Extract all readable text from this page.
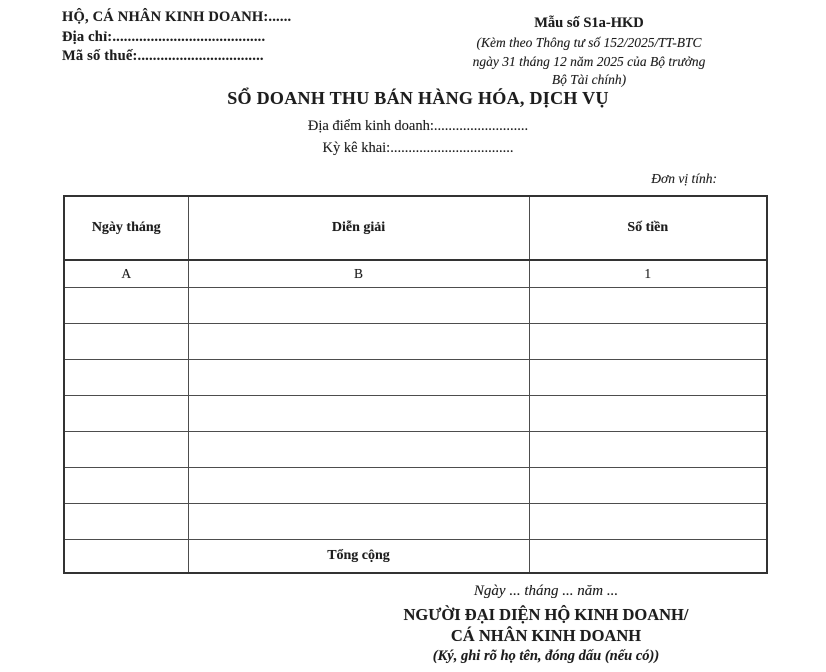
HỘ, CÁ NHÂN KINH DOANH:......
Địa chỉ:........................................
Mã số thuế:.................................
Mẫu số S1a-HKD
(Kèm theo Thông tư số 152/2025/TT-BTC
ngày 31 tháng 12 năm 2025 của Bộ trưởng
Bộ Tài chính)
SỔ DOANH THU BÁN HÀNG HÓA, DỊCH VỤ
Địa điểm kinh doanh:..........................
Kỳ kê khai:..................................
Đơn vị tính:
Ngày tháng	Diễn giải	Số tiền
A	B	1

	Tổng cộng	
Ngày ... tháng ... năm ...
NGƯỜI ĐẠI DIỆN HỘ KINH DOANH/
CÁ NHÂN KINH DOANH
(Ký, ghi rõ họ tên, đóng dấu (nếu có))
